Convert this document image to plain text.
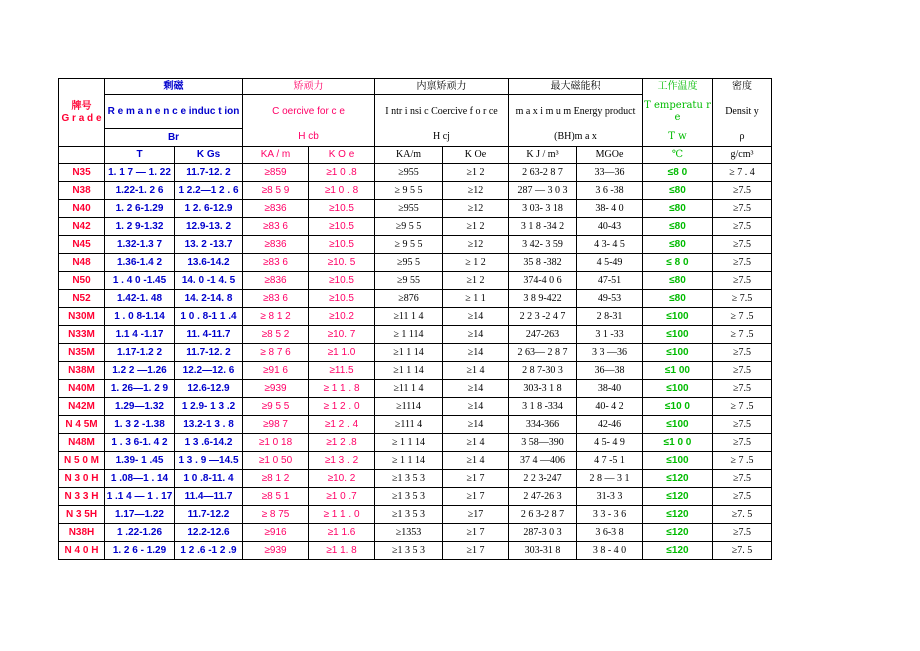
牌号
G r a d e	剩磁		矫顽力		内禀矫顽力		最大磁能积		工作温度	密度
	R e m a n e n c e induc t ion		C oercive for c e		I ntr i nsi c Coercive f o r ce		m a x i m u m Energy product		T emperatu r e	Densit y
	Br		H cb		H cj		(BH)m a x		T w	ρ
	T	K Gs	KA / m	K O e	KA/m	K Oe	K J / m³	MGOe	℃	g/cm³
N35	1. 1 7 — 1. 22	11.7-12. 2	≥859	≥1 0 .8	≥955	≥1 2	2 63-2 8 7	33—36	≤8 0	≥ 7 . 4
N38	1.22-1. 2 6	1 2.2—1 2 . 6	≥8 5 9	≥1 0 . 8	≥ 9 5 5	≥12	287 — 3 0 3	3 6 -38	≤80	≥7.5
N40	1. 2 6-1.29	1 2. 6-12.9	≥836	≥10.5	≥955	≥12	3 03- 3 18	38- 4 0	≤80	≥7.5
N42	1. 2 9-1.32	12.9-13. 2	≥83 6	≥10.5	≥9 5 5	≥1 2	3 1 8 -34 2	40-43	≤80	≥7.5
N45	1.32-1.3 7	13. 2 -13.7	≥836	≥10.5	≥ 9 5 5	≥12	3 42- 3 59	4 3- 4 5	≤80	≥7.5
N48	1.36-1.4 2	13.6-14.2	≥83 6	≥10. 5	≥95 5	≥ 1 2	35 8 -382	4 5-49	≤ 8 0	≥7.5
N50	1 . 4 0 -1.45	14. 0 -1 4. 5	≥836	≥10.5	≥9 55	≥1 2	374-4 0 6	47-51	≤80	≥7.5
N52	1.42-1. 48	14. 2-14. 8	≥83 6	≥10.5	≥876	≥ 1 1	3 8 9-422	49-53	≤80	≥ 7.5
N30M	1 . 0 8-1.14	1 0 . 8-1 1 .4	≥ 8 1 2	≥10.2	≥11 1 4	≥14	2 2 3 -2 4 7	2 8-31	≤100	≥ 7 .5
N33M	1.1 4 -1.17	11. 4-11.7	≥8 5 2	≥10. 7	≥ 1 114	≥14	247-263	3 1 -33	≤100	≥ 7 .5
N35M	1.17-1.2 2	11.7-12. 2	≥ 8 7 6	≥1 1.0	≥1 1 14	≥14	2 63— 2 8 7	3 3 —36	≤100	≥7.5
N38M	1.2 2 —1.26	12.2—12. 6	≥91 6	≥11.5	≥1 1 14	≥1 4	2 8 7-30 3	36—38	≤1 00	≥7.5
N40M	1. 26—1. 2 9	12.6-12.9	≥939	≥ 1 1 . 8	≥11 1 4	≥14	303-3 1 8	38-40	≤100	≥7.5
N42M	1.29—1.32	1 2.9- 1 3 .2	≥9 5 5	≥ 1 2 . 0	≥1114	≥14	3 1 8 -334	40- 4 2	≤10 0	≥ 7 .5
N 4 5M	1. 3 2 -1.38	13.2-1 3 . 8	≥98 7	≥1 2 . 4	≥111 4	≥14	334-366	42-46	≤100	≥7.5
N48M	1 . 3 6-1. 4 2	1 3 .6-14.2	≥1 0 18	≥1 2 .8	≥ 1 1 14	≥1 4	3 58—390	4 5- 4 9	≤1 0 0	≥7.5
N 5 0 M	1.39- 1 .45	1 3 . 9 —14.5	≥1 0 50	≥1 3 . 2	≥ 1 1 14	≥1 4	37 4 —406	4 7 -5 1	≤100	≥ 7 .5
N 3 0 H	1 .08—1 . 14	1 0 .8-11. 4	≥8 1 2	≥10. 2	≥1 3 5 3	≥1 7	2 2 3-247	2 8 — 3 1	≤120	≥7.5
N 3 3 H	1 .1 4 — 1 . 17	11.4—11.7	≥8 5 1	≥1 0 .7	≥1 3 5 3	≥1 7	2 47-26 3	31-3 3	≤120	≥7.5
N 3 5H	1.17—1.22	11.7-12.2	≥ 8 75	≥ 1 1 . 0	≥1 3 5 3	≥17	2 6 3-2 8 7	3 3 - 3 6	≤120	≥7. 5
N38H	1 .22-1.26	12.2-12.6	≥916	≥1 1.6	≥1353	≥1 7	287-3 0 3	3 6-3 8	≤120	≥7.5
N 4 0 H	1. 2 6 - 1.29	1 2 .6 -1 2 .9	≥939	≥1 1. 8	≥1 3 5 3	≥1 7	303-31 8	3 8 - 4 0	≤120	≥7. 5
